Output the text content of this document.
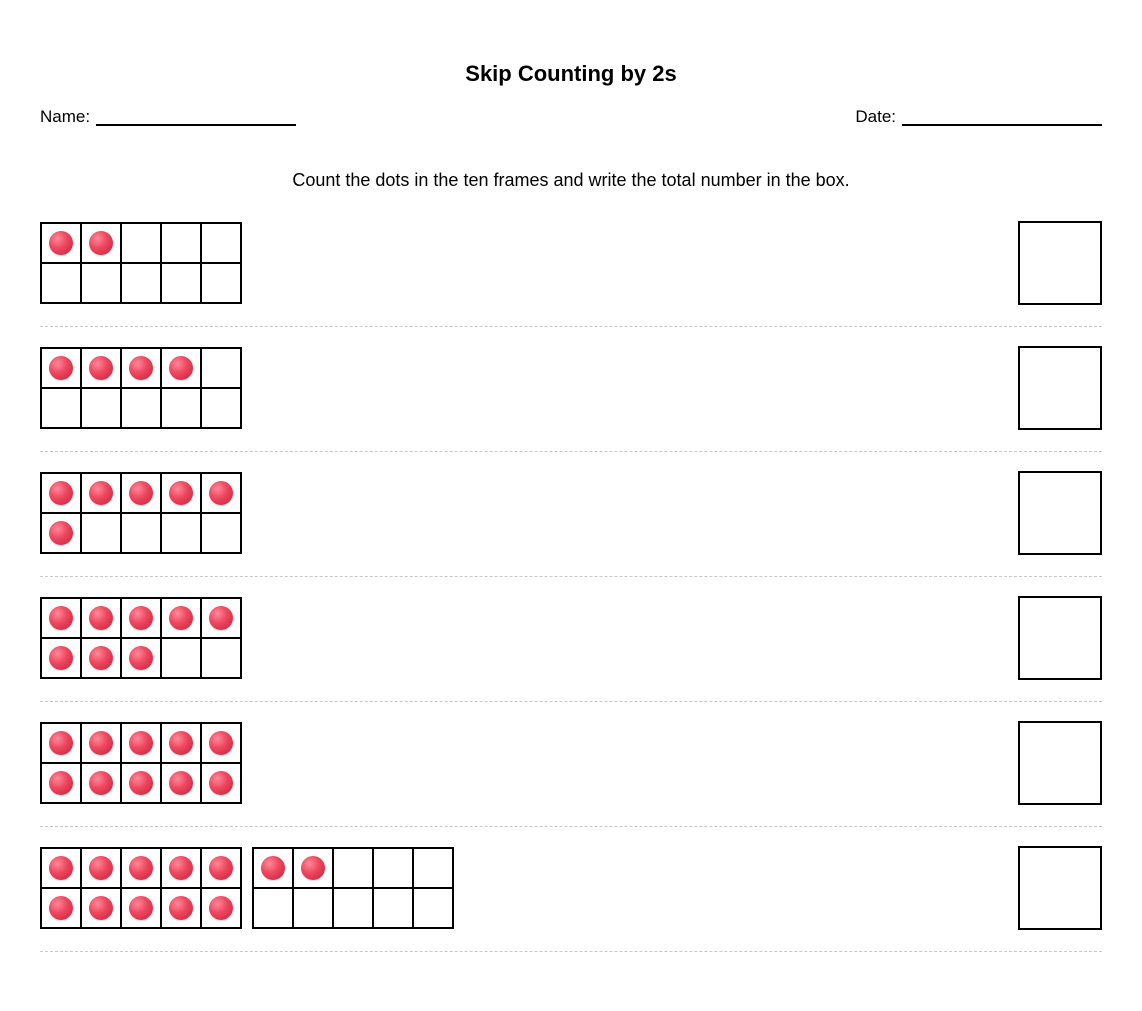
Skip Counting by 2s
Name:	Date:
Count the dots in the ten frames and write the total number in the box.
